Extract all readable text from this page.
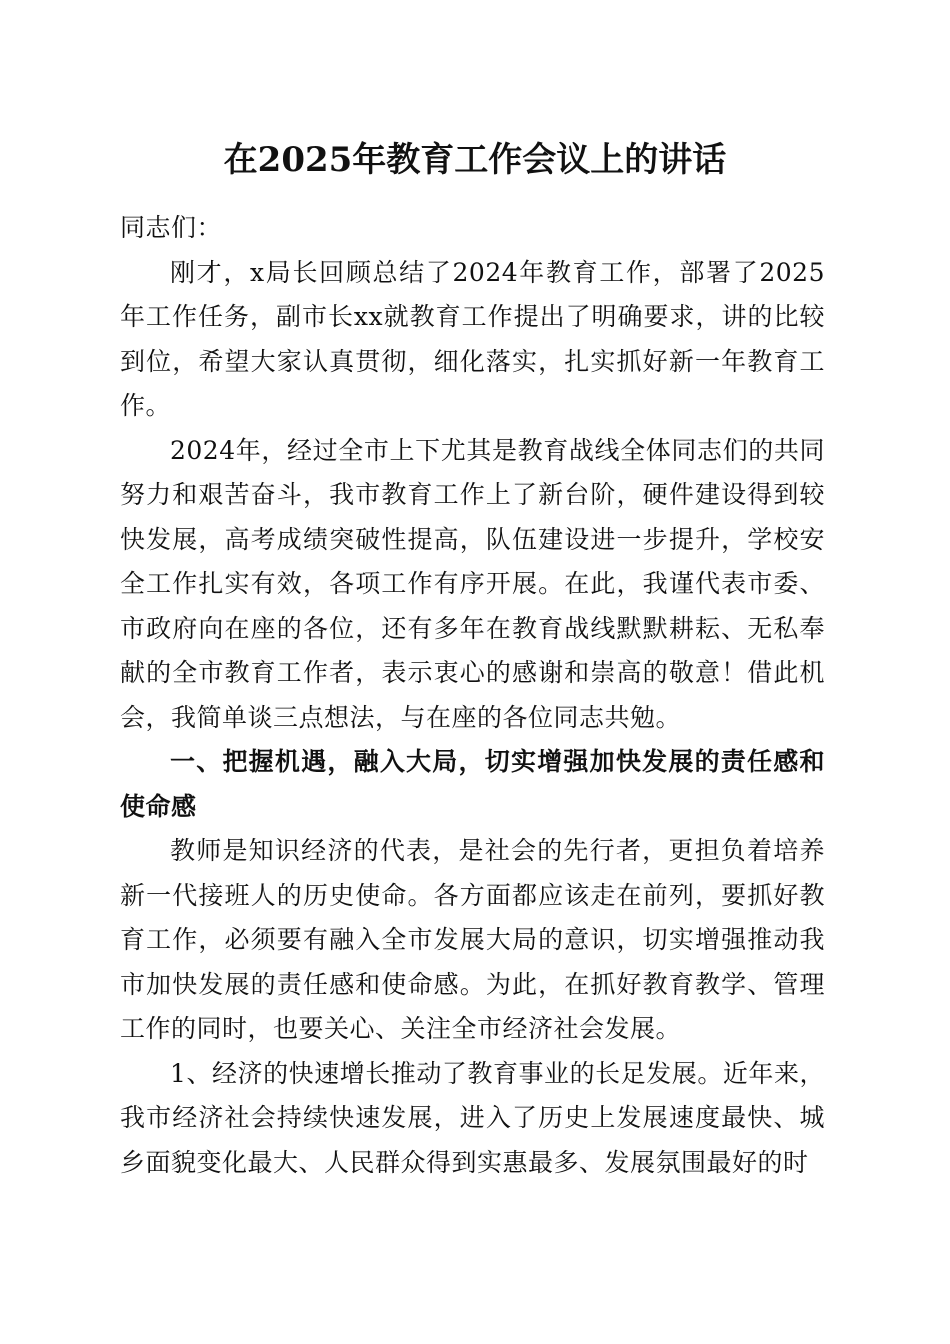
在2025年教育工作会议上的讲话

同志们：

刚才，x局长回顾总结了2024年教育工作，部署了2025年工作任务，副市长xx就教育工作提出了明确要求，讲的比较到位，希望大家认真贯彻，细化落实，扎实抓好新一年教育工作。

2024年，经过全市上下尤其是教育战线全体同志们的共同努力和艰苦奋斗，我市教育工作上了新台阶，硬件建设得到较快发展，高考成绩突破性提高，队伍建设进一步提升，学校安全工作扎实有效，各项工作有序开展。在此，我谨代表市委、市政府向在座的各位，还有多年在教育战线默默耕耘、无私奉献的全市教育工作者，表示衷心的感谢和崇高的敬意！借此机会，我简单谈三点想法，与在座的各位同志共勉。

一、把握机遇，融入大局，切实增强加快发展的责任感和使命感

教师是知识经济的代表，是社会的先行者，更担负着培养新一代接班人的历史使命。各方面都应该走在前列，要抓好教育工作，必须要有融入全市发展大局的意识，切实增强推动我市加快发展的责任感和使命感。为此，在抓好教育教学、管理工作的同时，也要关心、关注全市经济社会发展。

1、经济的快速增长推动了教育事业的长足发展。近年来，我市经济社会持续快速发展，进入了历史上发展速度最快、城乡面貌变化最大、人民群众得到实惠最多、发展氛围最好的时
